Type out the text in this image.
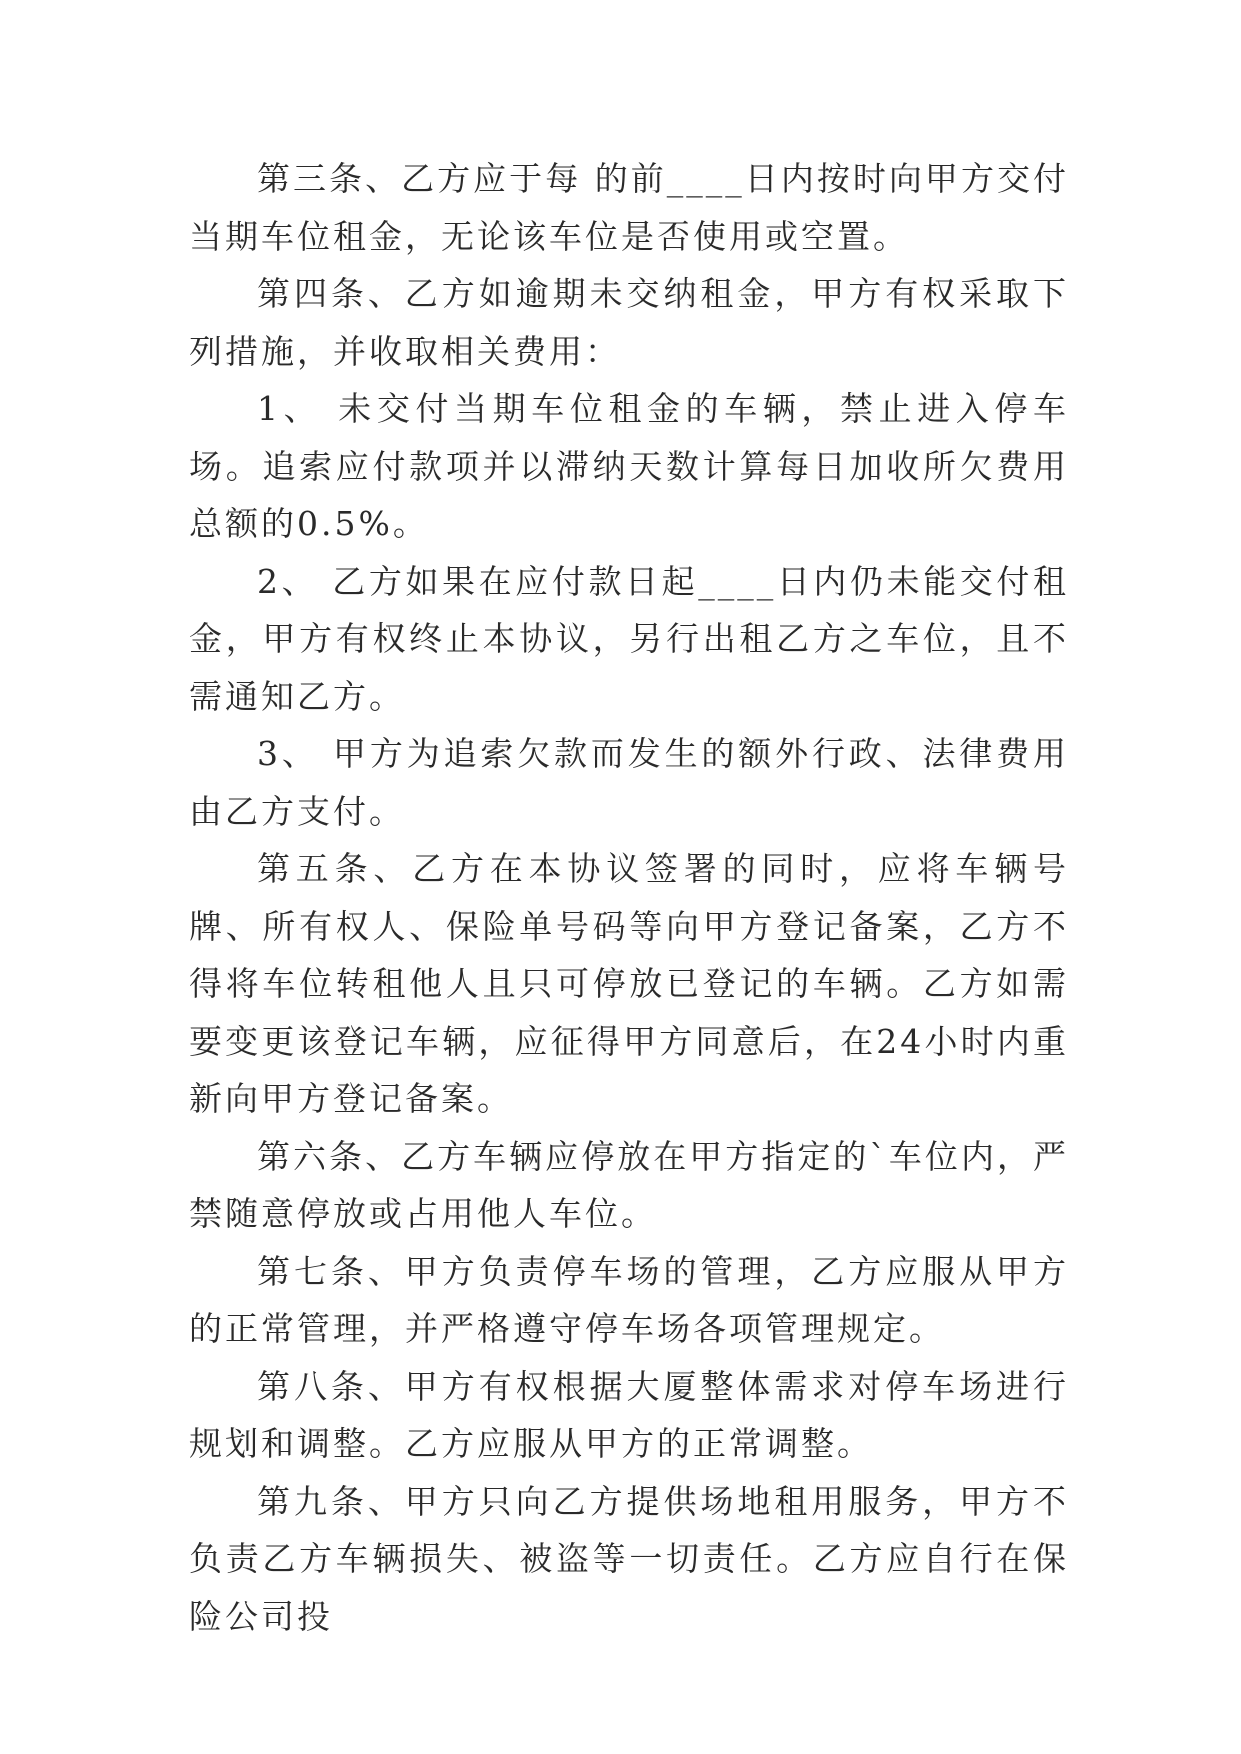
第三条、乙方应于每 的前____日内按时向甲方交付当期车位租金，无论该车位是否使用或空置。

第四条、乙方如逾期未交纳租金，甲方有权采取下列措施，并收取相关费用：

1、 未交付当期车位租金的车辆，禁止进入停车场。追索应付款项并以滞纳天数计算每日加收所欠费用总额的0.5%。

2、 乙方如果在应付款日起____日内仍未能交付租金，甲方有权终止本协议，另行出租乙方之车位，且不需通知乙方。

3、 甲方为追索欠款而发生的额外行政、法律费用由乙方支付。

第五条、乙方在本协议签署的同时，应将车辆号牌、所有权人、保险单号码等向甲方登记备案，乙方不得将车位转租他人且只可停放已登记的车辆。乙方如需要变更该登记车辆，应征得甲方同意后，在24小时内重新向甲方登记备案。

第六条、乙方车辆应停放在甲方指定的`车位内，严禁随意停放或占用他人车位。

第七条、甲方负责停车场的管理，乙方应服从甲方的正常管理，并严格遵守停车场各项管理规定。

第八条、甲方有权根据大厦整体需求对停车场进行规划和调整。乙方应服从甲方的正常调整。

第九条、甲方只向乙方提供场地租用服务，甲方不负责乙方车辆损失、被盗等一切责任。乙方应自行在保险公司投
